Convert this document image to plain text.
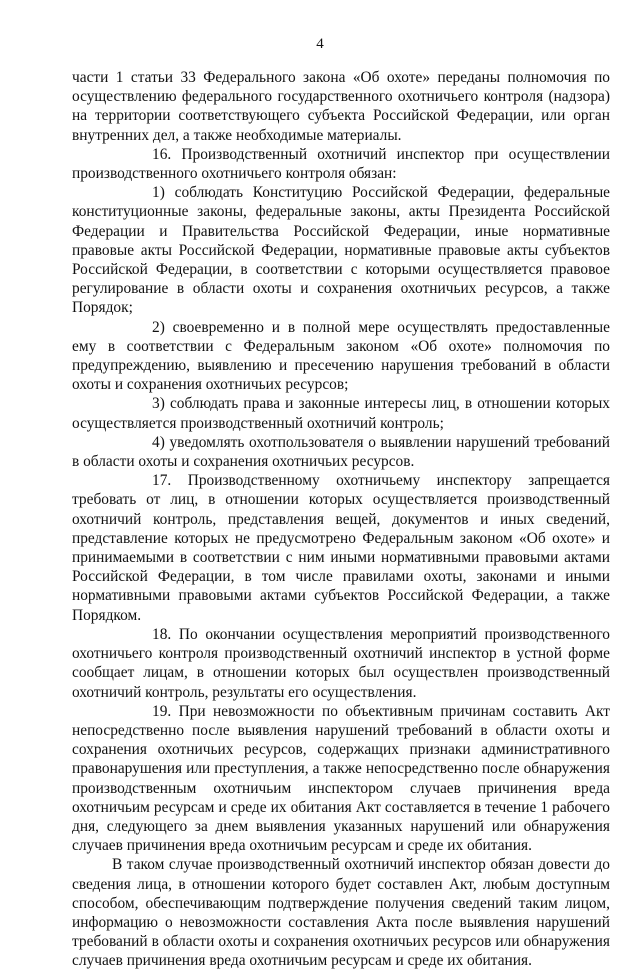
4

части 1 статьи 33 Федерального закона «Об охоте» переданы полномочия по осуществлению федерального государственного охотничьего контроля (надзора) на территории соответствующего субъекта Российской Федерации, или орган внутренних дел, а также необходимые материалы.

16. Производственный охотничий инспектор при осуществлении производственного охотничьего контроля обязан:

1) соблюдать Конституцию Российской Федерации, федеральные конституционные законы, федеральные законы, акты Президента Российской Федерации и Правительства Российской Федерации, иные нормативные правовые акты Российской Федерации, нормативные правовые акты субъектов Российской Федерации, в соответствии с которыми осуществляется правовое регулирование в области охоты и сохранения охотничьих ресурсов, а также Порядок;

2) своевременно и в полной мере осуществлять предоставленные ему в соответствии с Федеральным законом «Об охоте» полномочия по предупреждению, выявлению и пресечению нарушения требований в области охоты и сохранения охотничьих ресурсов;

3) соблюдать права и законные интересы лиц, в отношении которых осуществляется производственный охотничий контроль;

4) уведомлять охотпользователя о выявлении нарушений требований в области охоты и сохранения охотничьих ресурсов.

17. Производственному охотничьему инспектору запрещается требовать от лиц, в отношении которых осуществляется производственный охотничий контроль, представления вещей, документов и иных сведений, представление которых не предусмотрено Федеральным законом «Об охоте» и принимаемыми в соответствии с ним иными нормативными правовыми актами Российской Федерации, в том числе правилами охоты, законами и иными нормативными правовыми актами субъектов Российской Федерации, а также Порядком.

18. По окончании осуществления мероприятий производственного охотничьего контроля производственный охотничий инспектор в устной форме сообщает лицам, в отношении которых был осуществлен производственный охотничий контроль, результаты его осуществления.

19. При невозможности по объективным причинам составить Акт непосредственно после выявления нарушений требований в области охоты и сохранения охотничьих ресурсов, содержащих признаки административного правонарушения или преступления, а также непосредственно после обнаружения производственным охотничьим инспектором случаев причинения вреда охотничьим ресурсам и среде их обитания Акт составляется в течение 1 рабочего дня, следующего за днем выявления указанных нарушений или обнаружения случаев причинения вреда охотничьим ресурсам и среде их обитания.

В таком случае производственный охотничий инспектор обязан довести до сведения лица, в отношении которого будет составлен Акт, любым доступным способом, обеспечивающим подтверждение получения сведений таким лицом, информацию о невозможности составления Акта после выявления нарушений требований в области охоты и сохранения охотничьих ресурсов или обнаружения случаев причинения вреда охотничьим ресурсам и среде их обитания.
